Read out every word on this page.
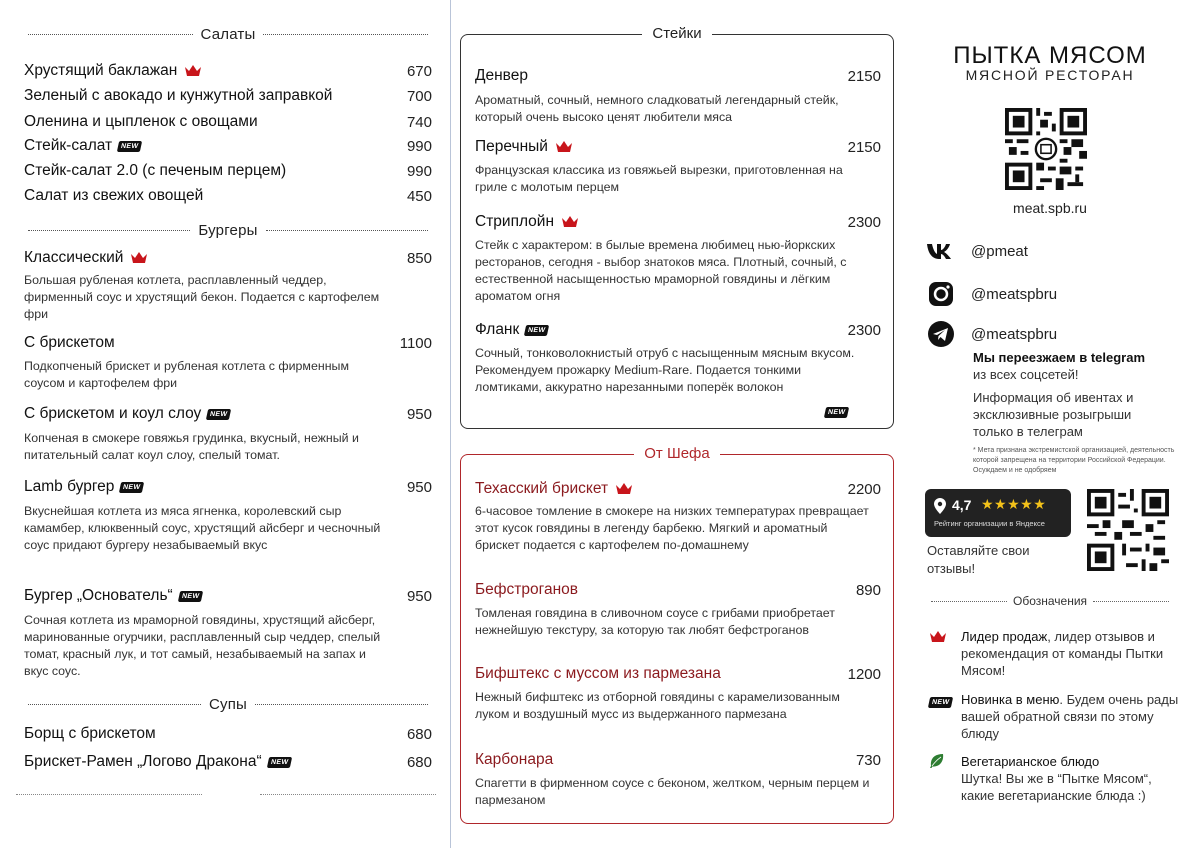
Салаты
Хрустящий баклажан	670
Зеленый с авокадо и кунжутной заправкой	700
Оленина и цыпленок с овощами	740
Стейк-салат	NEW	990
Стейк-салат 2.0 (с печеным перцем)	990
Салат из свежих овощей	450
Бургеры
Классический	850
Большая рубленая котлета, расплавленный чеддер, фирменный соус и хрустящий бекон. Подается с картофелем фри
С брискетом	1100
Подкопченый брискет и рубленая котлета с фирменным соусом и картофелем фри
С брискетом и коул слоу	NEW	950
Копченая в смокере говяжья грудинка, вкусный, нежный и питательный салат коул слоу, спелый томат.
Lamb бургер	NEW	950
Вкуснейшая котлета из мяса ягненка, королевский сыр камамбер, клюквенный соус, хрустящий айсберг и чесночный соус придают бургеру незабываемый вкус
Бургер „Основатель“	NEW	950
Сочная котлета из мраморной говядины, хрустящий айсберг, маринованные огурчики, расплавленный сыр чеддер, спелый томат, красный лук, и тот самый, незабываемый на запах и вкус соус.
Супы
Борщ с брискетом	680
Брискет-Рамен „Логово Дракона“	NEW	680
Стейки
Денвер	2150
Ароматный, сочный, немного сладковатый легендарный стейк, который очень высоко ценят любители мяса
Перечный	2150
Французская классика из говяжьей вырезки, приготовленная на гриле с молотым перцем
Стриплойн	2300
Стейк с характером: в былые времена любимец нью-йоркских ресторанов, сегодня - выбор знатоков мяса. Плотный, сочный, с естественной насыщенностью мраморной говядины и лёгким ароматом огня
Фланк	NEW	2300
Сочный, тонковолокнистый отруб с насыщенным мясным вкусом. Рекомендуем прожарку Medium-Rare. Подается тонкими ломтиками, аккуратно нарезанными поперёк волокон
NEW
От Шефа
Техасский брискет	2200
6-часовое томление в смокере на низких температурах превращает этот кусок говядины в легенду барбекю. Мягкий и ароматный брискет подается с картофелем по-домашнему
Бефстроганов	890
Томленая говядина в сливочном соусе с грибами приобретает нежнейшую текстуру, за которую так любят бефстроганов
Бифштекс с муссом из пармезана	1200
Нежный бифштекс из отборной говядины с карамелизованным луком и воздушный мусс из выдержанного пармезана
Карбонара	730
Спагетти в фирменном соусе с беконом, желтком, черным перцем и пармезаном
ПЫТКА МЯСОМ
МЯСНОЙ РЕСТОРАН
meat.spb.ru
@pmeat
@meatspbru
@meatspbru
Мы переезжаем в telegram
из всех соцсетей!
Информация об ивентах и эксклюзивные розыгрыши только в телеграм
* Мета признана экстремистской организацией, деятельность которой запрещена на территории Российской Федерации. Осуждаем и не одобряем
4,7 ★★★★★
Рейтинг организации в Яндексе
Оставляйте свои отзывы!
Обозначения
Лидер продаж, лидер отзывов и рекомендация от команды Пытки Мясом!
NEW Новинка в меню. Будем очень рады вашей обратной связи по этому блюду
Вегетарианское блюдо
Шутка! Вы же в “Пытке Мясом“, какие вегетарианские блюда :)
